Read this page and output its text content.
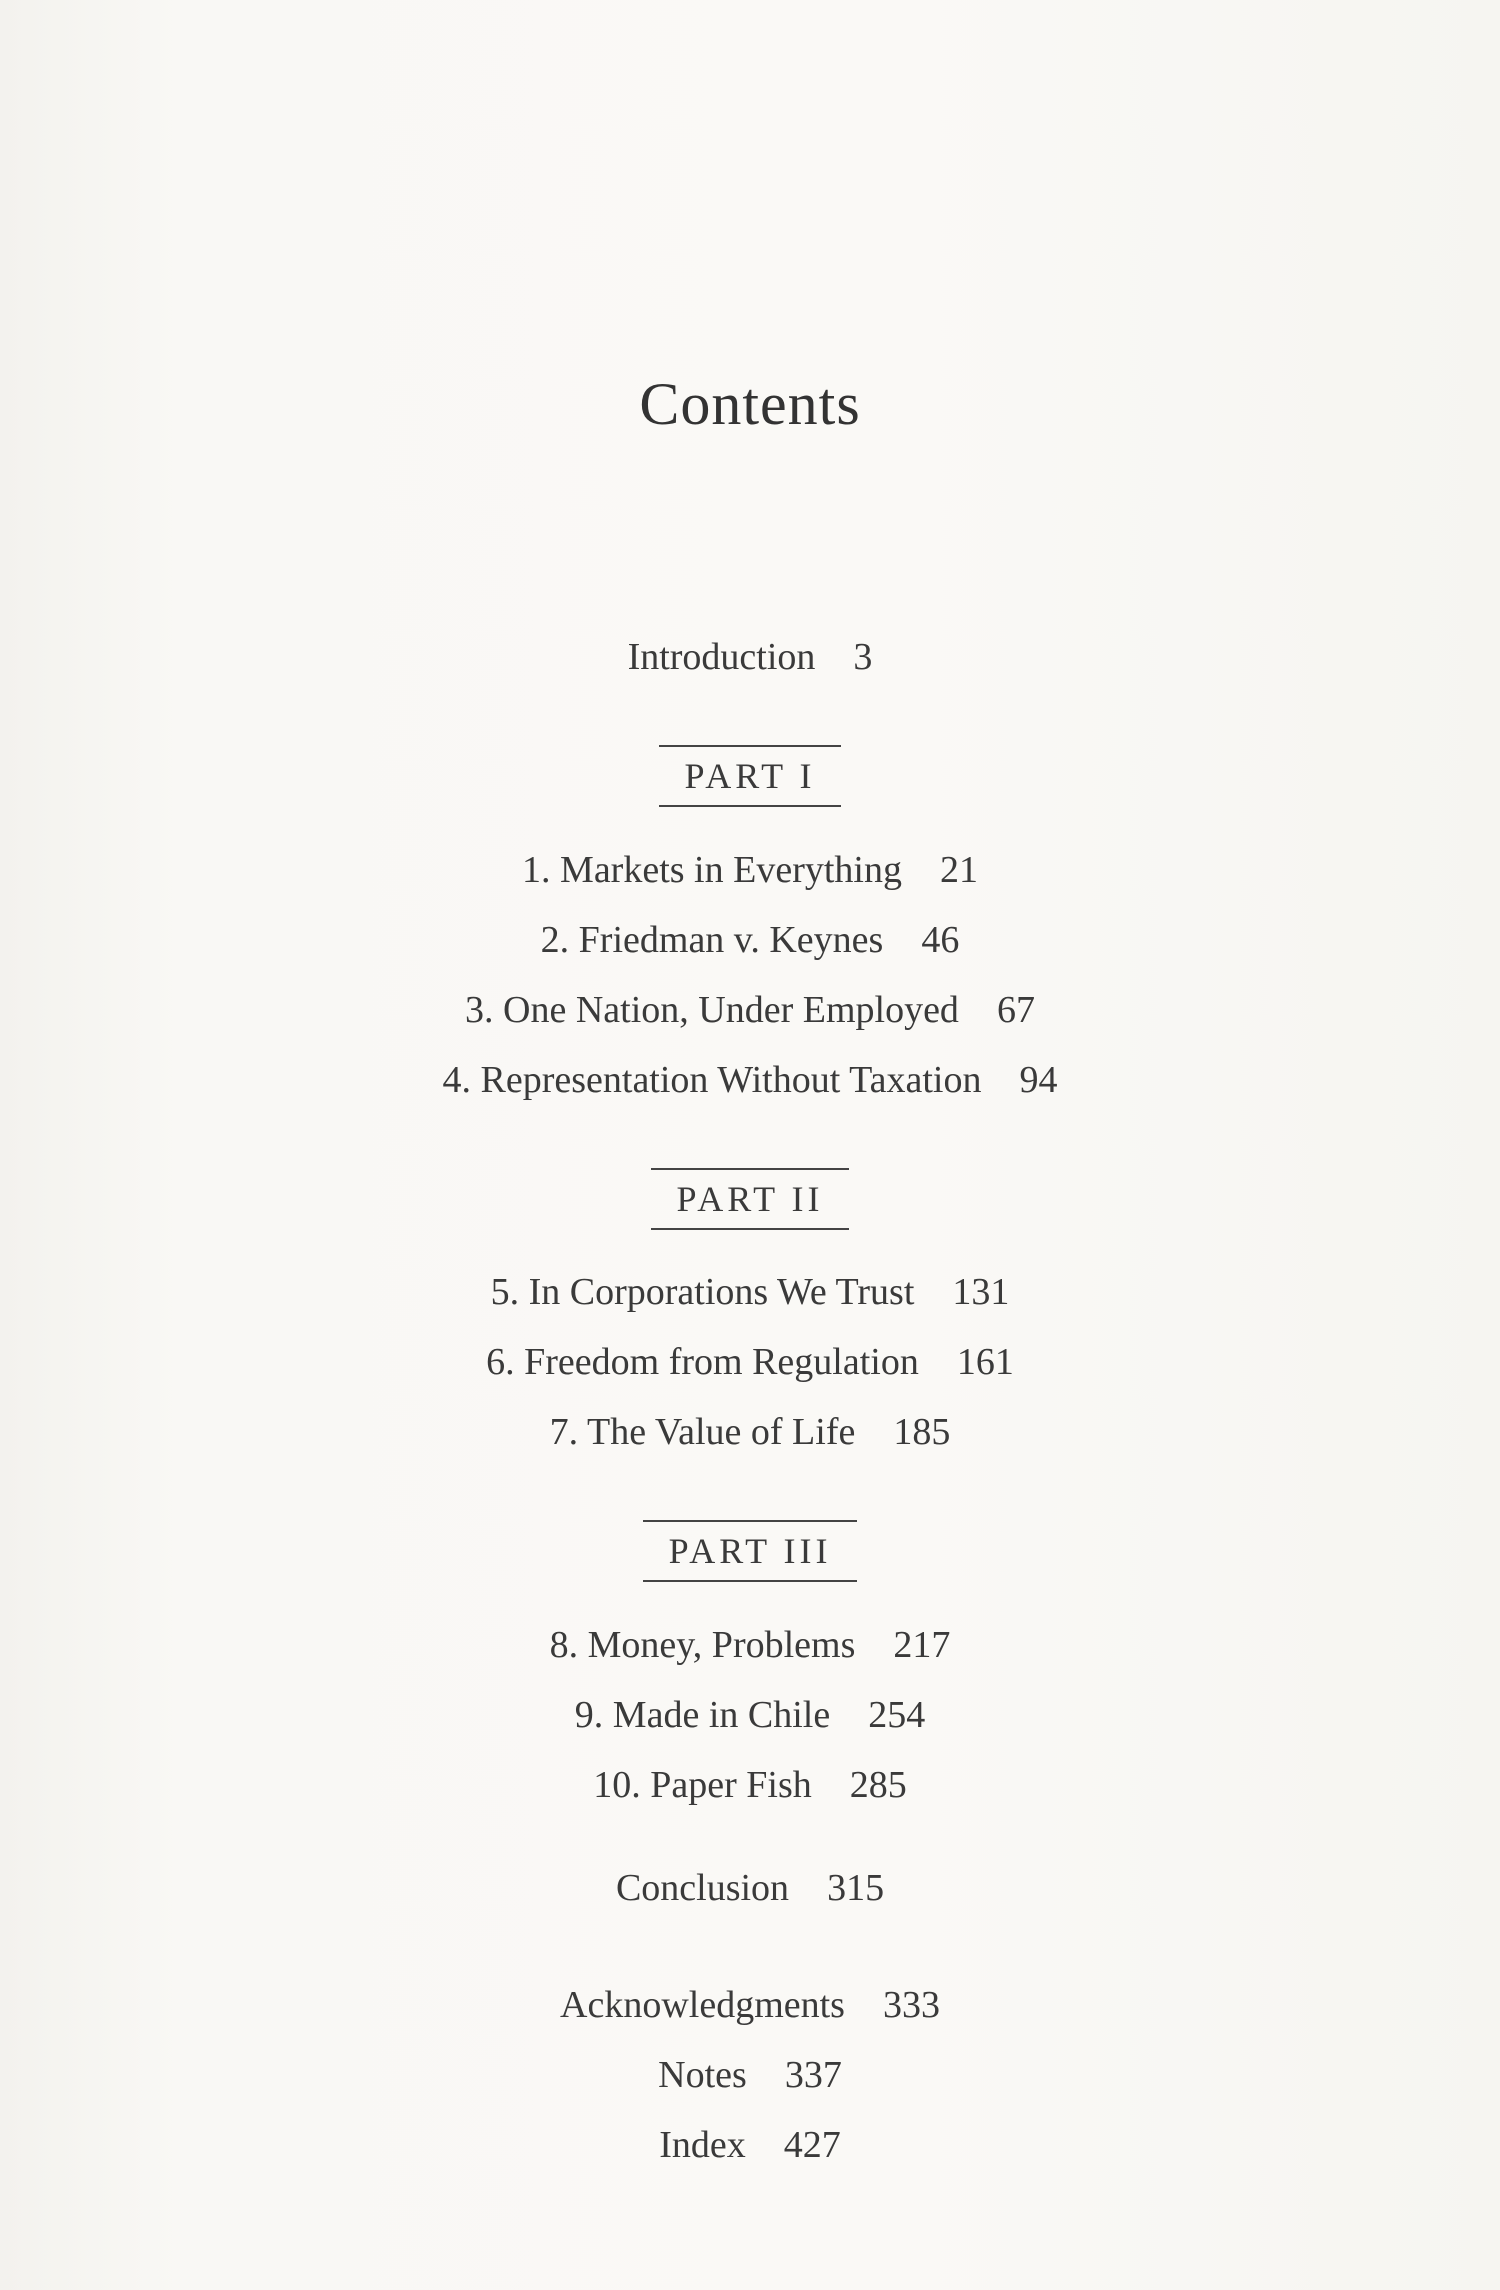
Contents
Introduction 3
PART I
1. Markets in Everything 21
2. Friedman v. Keynes 46
3. One Nation, Under Employed 67
4. Representation Without Taxation 94
PART II
5. In Corporations We Trust 131
6. Freedom from Regulation 161
7. The Value of Life 185
PART III
8. Money, Problems 217
9. Made in Chile 254
10. Paper Fish 285
Conclusion 315
Acknowledgments 333
Notes 337
Index 427
